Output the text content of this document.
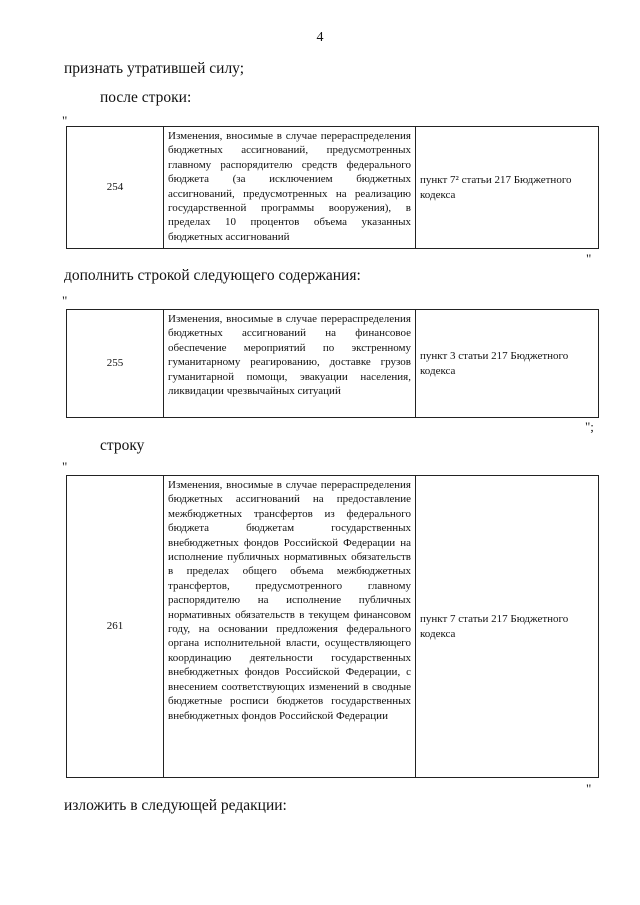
4
признать утратившей силу;
после строки:
"
254	Изменения, вносимые в случае перераспределения бюджетных ассигнований, предусмотренных главному распорядителю средств федерального бюджета (за исключением бюджетных ассигнований, предусмотренных на реализацию государственной программы вооружения), в пределах 10 процентов объема указанных бюджетных ассигнований	пункт 7² статьи 217 Бюджетного кодекса
"
дополнить строкой следующего содержания:
"
255	Изменения, вносимые в случае перераспределения бюджетных ассигнований на финансовое обеспечение мероприятий по экстренному гуманитарному реагированию, доставке грузов гуманитарной помощи, эвакуации населения, ликвидации чрезвычайных ситуаций	пункт 3 статьи 217 Бюджетного кодекса
";
строку
"
261	Изменения, вносимые в случае перераспределения бюджетных ассигнований на предоставление межбюджетных трансфертов из федерального бюджета бюджетам государственных внебюджетных фондов Российской Федерации на исполнение публичных нормативных обязательств в пределах общего объема межбюджетных трансфертов, предусмотренного главному распорядителю на исполнение публичных нормативных обязательств в текущем финансовом году, на основании предложения федерального органа исполнительной власти, осуществляющего координацию деятельности государственных внебюджетных фондов Российской Федерации, с внесением соответствующих изменений в сводные бюджетные росписи бюджетов государственных внебюджетных фондов Российской Федерации	пункт 7 статьи 217 Бюджетного кодекса
"
изложить в следующей редакции:
